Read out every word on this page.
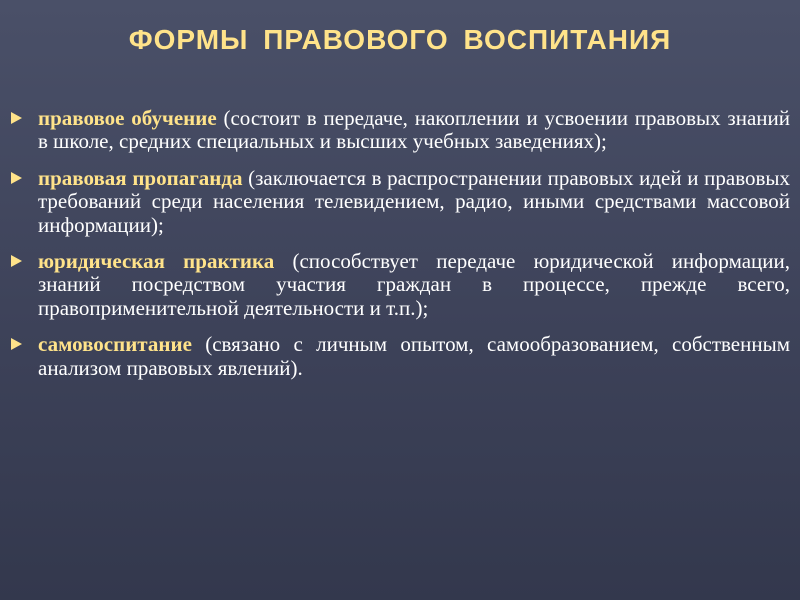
ФОРМЫ ПРАВОВОГО ВОСПИТАНИЯ
правовое обучение (состоит в передаче, накоплении и усвоении правовых знаний в школе, средних специальных и высших учебных заведениях);
правовая пропаганда (заключается в распространении правовых идей и правовых требований среди населения телевидением, радио, иными средствами массовой информации);
юридическая практика (способствует передаче юридической информации, знаний посредством участия граждан в процессе, прежде всего, правоприменительной деятельности и т.п.);
самовоспитание (связано с личным опытом, самообразованием, собственным анализом правовых явлений).
